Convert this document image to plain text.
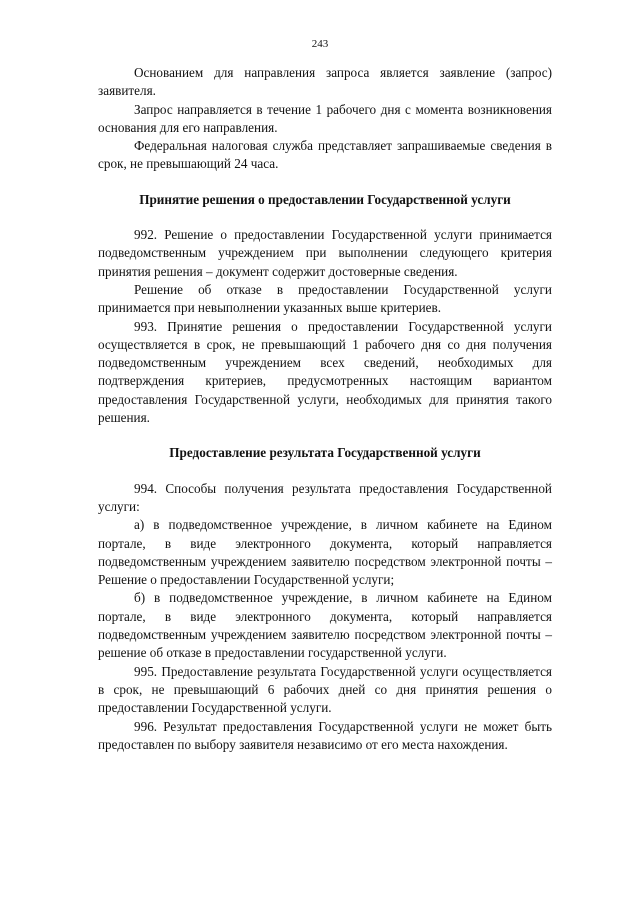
243

Основанием для направления запроса является заявление (запрос) заявителя.

Запрос направляется в течение 1 рабочего дня с момента возникновения основания для его направления.

Федеральная налоговая служба представляет запрашиваемые сведения в срок, не превышающий 24 часа.

Принятие решения о предоставлении Государственной услуги

992. Решение о предоставлении Государственной услуги принимается подведомственным учреждением при выполнении следующего критерия принятия решения – документ содержит достоверные сведения.

Решение об отказе в предоставлении Государственной услуги принимается при невыполнении указанных выше критериев.

993. Принятие решения о предоставлении Государственной услуги осуществляется в срок, не превышающий 1 рабочего дня со дня получения подведомственным учреждением всех сведений, необходимых для подтверждения критериев, предусмотренных настоящим вариантом предоставления Государственной услуги, необходимых для принятия такого решения.

Предоставление результата Государственной услуги

994. Способы получения результата предоставления Государственной услуги:

а) в подведомственное учреждение, в личном кабинете на Едином портале, в виде электронного документа, который направляется подведомственным учреждением заявителю посредством электронной почты – Решение о предоставлении Государственной услуги;

б) в подведомственное учреждение, в личном кабинете на Едином портале, в виде электронного документа, который направляется подведомственным учреждением заявителю посредством электронной почты – решение об отказе в предоставлении государственной услуги.

995. Предоставление результата Государственной услуги осуществляется в срок, не превышающий 6 рабочих дней со дня принятия решения о предоставлении Государственной услуги.

996. Результат предоставления Государственной услуги не может быть предоставлен по выбору заявителя независимо от его места нахождения.
